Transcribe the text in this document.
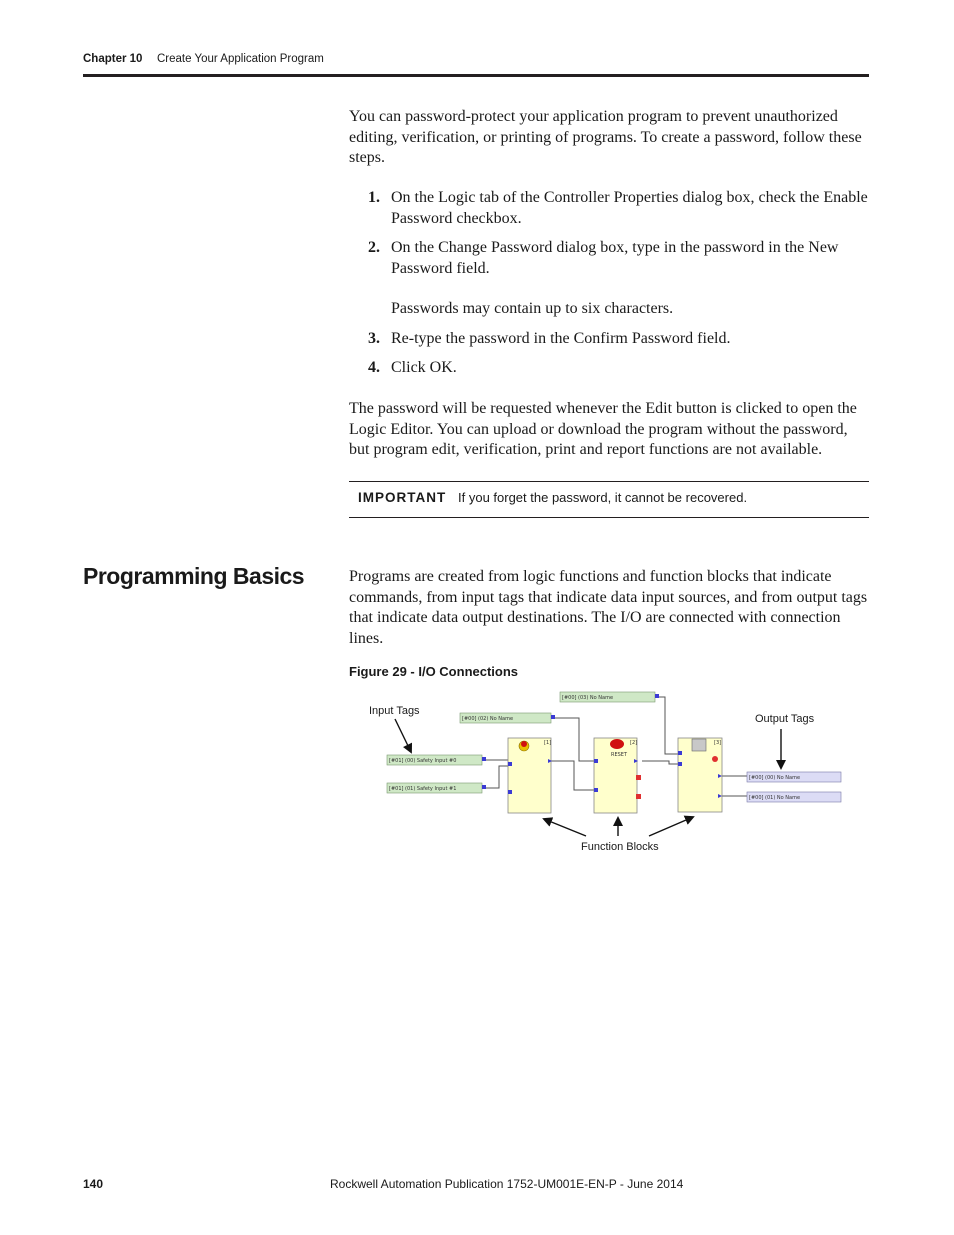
Chapter 10 Create Your Application Program

You can password-protect your application program to prevent unauthorized editing, verification, or printing of programs. To create a password, follow these steps.

1. On the Logic tab of the Controller Properties dialog box, check the Enable Password checkbox.
2. On the Change Password dialog box, type in the password in the New Password field.
Passwords may contain up to six characters.
3. Re-type the password in the Confirm Password field.
4. Click OK.

The password will be requested whenever the Edit button is clicked to open the Logic Editor. You can upload or download the program without the password, but program edit, verification, print and report functions are not available.

IMPORTANT If you forget the password, it cannot be recovered.
Programming Basics	Programs are created from logic functions and function blocks that indicate commands, from input tags that indicate data input sources, and from output tags that indicate data output destinations. The I/O are connected with connection lines.

Figure 29 - I/O Connections
[#00] (02) No Name
[#00] (03) No Name
[#01] (00) Safety Input #0
[#01] (01) Safety Input #1
[1]	[2]
RESET
[3]
[#00] (00) No Name
[#00] (01) No Name
Input Tags
Output Tags
Function Blocks
140	Rockwell Automation Publication 1752-UM001E-EN-P - June 2014
